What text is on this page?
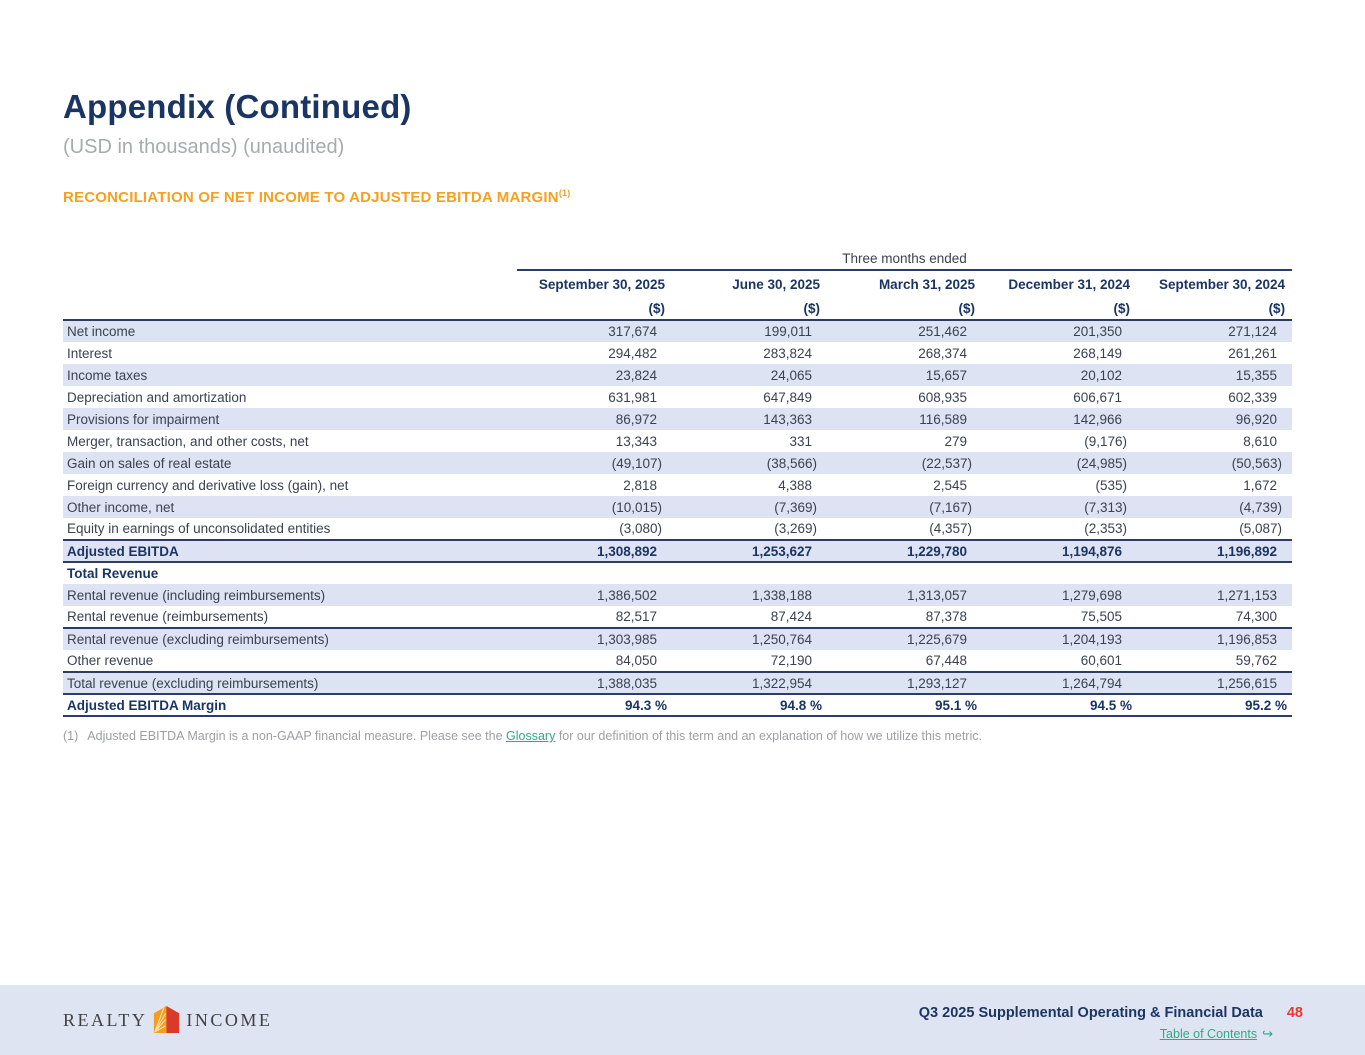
Appendix (Continued)
(USD in thousands) (unaudited)
RECONCILIATION OF NET INCOME TO ADJUSTED EBITDA MARGIN$^{(1)}$
	Three months ended				
	September 30, 2025	June 30, 2025	March 31, 2025	December 31, 2024	September 30, 2024
	($)	($)	($)	($)	($)
Net income	317,674	199,011	251,462	201,350	271,124
Interest	294,482	283,824	268,374	268,149	261,261
Income taxes	23,824	24,065	15,657	20,102	15,355
Depreciation and amortization	631,981	647,849	608,935	606,671	602,339
Provisions for impairment	86,972	143,363	116,589	142,966	96,920
Merger, transaction, and other costs, net	13,343	331	279	(9,176)	8,610
Gain on sales of real estate	(49,107)	(38,566)	(22,537)	(24,985)	(50,563)
Foreign currency and derivative loss (gain), net	2,818	4,388	2,545	(535)	1,672
Other income, net	(10,015)	(7,369)	(7,167)	(7,313)	(4,739)
Equity in earnings of unconsolidated entities	(3,080)	(3,269)	(4,357)	(2,353)	(5,087)
Adjusted EBITDA	1,308,892	1,253,627	1,229,780	1,194,876	1,196,892
Total Revenue					
Rental revenue (including reimbursements)	1,386,502	1,338,188	1,313,057	1,279,698	1,271,153
Rental revenue (reimbursements)	82,517	87,424	87,378	75,505	74,300
Rental revenue (excluding reimbursements)	1,303,985	1,250,764	1,225,679	1,204,193	1,196,853
Other revenue	84,050	72,190	67,448	60,601	59,762
Total revenue (excluding reimbursements)	1,388,035	1,322,954	1,293,127	1,264,794	1,256,615
Adjusted EBITDA Margin	94.3 %	94.8 %	95.1 %	94.5 %	95.2 %
(1) Adjusted EBITDA Margin is a non-GAAP financial measure. Please see the Glossary for our definition of this term and an explanation of how we utilize this metric.
REALTY INCOME	Q3 2025 Supplemental Operating & Financial Data 48
Table of Contents ↪
